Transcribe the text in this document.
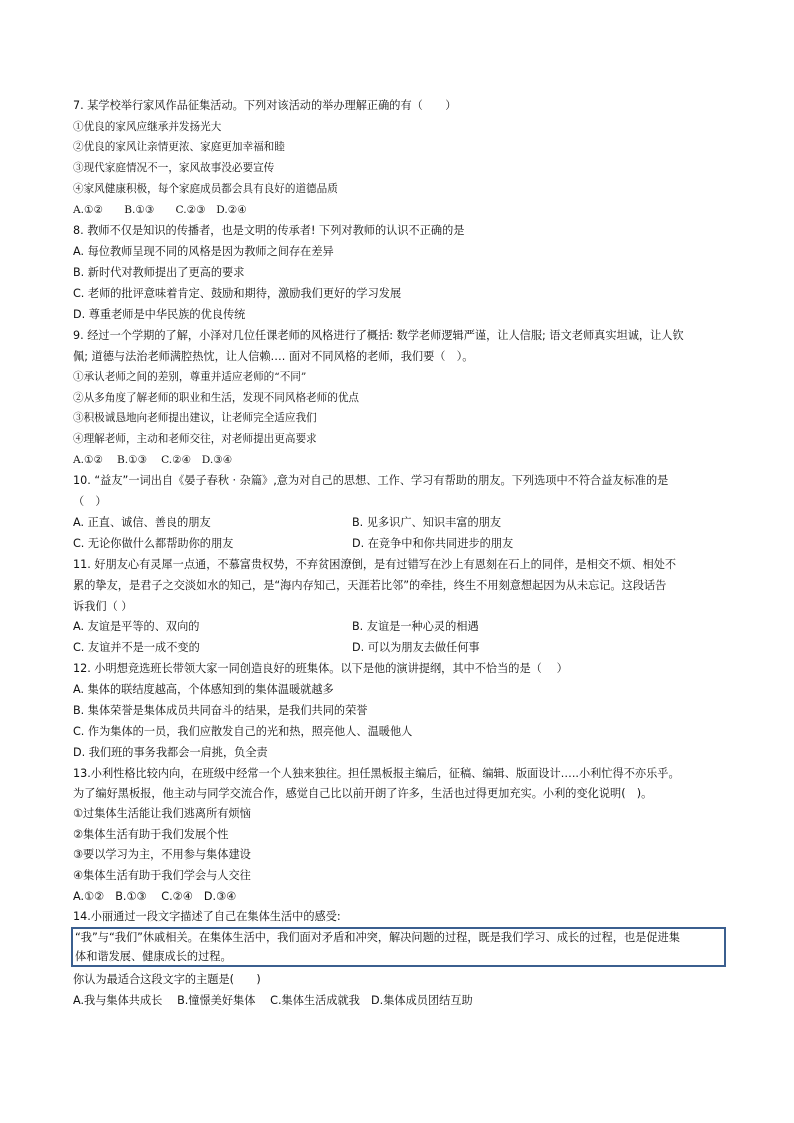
7. 某学校举行家风作品征集活动。下列对该活动的举办理解正确的有（　　）
①优良的家风应继承并发扬光大
②优良的家风让亲情更浓、家庭更加幸福和睦
③现代家庭情况不一，家风故事没必要宣传
④家风健康积极，每个家庭成员都会具有良好的道德品质
A.①②　　B.①③　　C.②③　D.②④
8. 教师不仅是知识的传播者，也是文明的传承者! 下列对教师的认识不正确的是
A. 每位教师呈现不同的风格是因为教师之间存在差异
B. 新时代对教师提出了更高的要求
C. 老师的批评意味着肯定、鼓励和期待，激励我们更好的学习发展
D. 尊重老师是中华民族的优良传统
9. 经过一个学期的了解，小泽对几位任课老师的风格进行了概括: 数学老师逻辑严谨，让人信服; 语文老师真实坦诚，让人钦
佩; 道德与法治老师满腔热忱，让人信赖…. 面对不同风格的老师，我们要（　）。
①承认老师之间的差别，尊重并适应老师的“不同”
②从多角度了解老师的职业和生活，发现不同风格老师的优点
③积极诚恳地向老师提出建议，让老师完全适应我们
④理解老师，主动和老师交往，对老师提出更高要求
A.①②　 B.①③　 C.②④　D.③④
10. “益友”一词出自《晏子春秋 · 杂篇》,意为对自己的思想、工作、学习有帮助的朋友。下列选项中不符合益友标准的是
（　）
A. 正直、诚信、善良的朋友	B. 见多识广、知识丰富的朋友
C. 无论你做什么都帮助你的朋友	D. 在竞争中和你共同进步的朋友
11. 好朋友心有灵犀一点通，不慕富贵权势，不弃贫困潦倒，是有过错写在沙上有恩刻在石上的同伴，是相交不烦、相处不
累的挚友，是君子之交淡如水的知己，是“海内存知己，天涯若比邻”的牵挂，终生不用刻意想起因为从未忘记。这段话告
诉我们（ ）
A. 友谊是平等的、双向的	B. 友谊是一种心灵的相遇
C. 友谊并不是一成不变的	D. 可以为朋友去做任何事
12. 小明想竞选班长带领大家一同创造良好的班集体。以下是他的演讲提纲，其中不恰当的是（　 ）
A. 集体的联结度越高，个体感知到的集体温暖就越多
B. 集体荣誉是集体成员共同奋斗的结果，是我们共同的荣誉
C. 作为集体的一员，我们应散发自己的光和热，照亮他人、温暖他人
D. 我们班的事务我都会一肩挑，负全责
13.小利性格比较内向，在班级中经常一个人独来独往。担任黑板报主编后，征稿、编辑、版面设计…..小利忙得不亦乐乎。
为了编好黑板报，他主动与同学交流合作，感觉自己比以前开朗了许多，生活也过得更加充实。小利的变化说明(　)。
①过集体生活能让我们逃离所有烦恼
②集体生活有助于我们发展个性
③要以学习为主，不用参与集体建设
④集体生活有助于我们学会与人交往
A.①②　B.①③　 C.②④　D.③④
14.小丽通过一段文字描述了自己在集体生活中的感受:
“我”与“我们”休戚相关。在集体生活中，我们面对矛盾和冲突，解决问题的过程，既是我们学习、成长的过程，也是促进集
体和谐发展、健康成长的过程。
你认为最适合这段文字的主题是(　　)
A.我与集体共成长　 B.憧憬美好集体　 C.集体生活成就我　D.集体成员团结互助
